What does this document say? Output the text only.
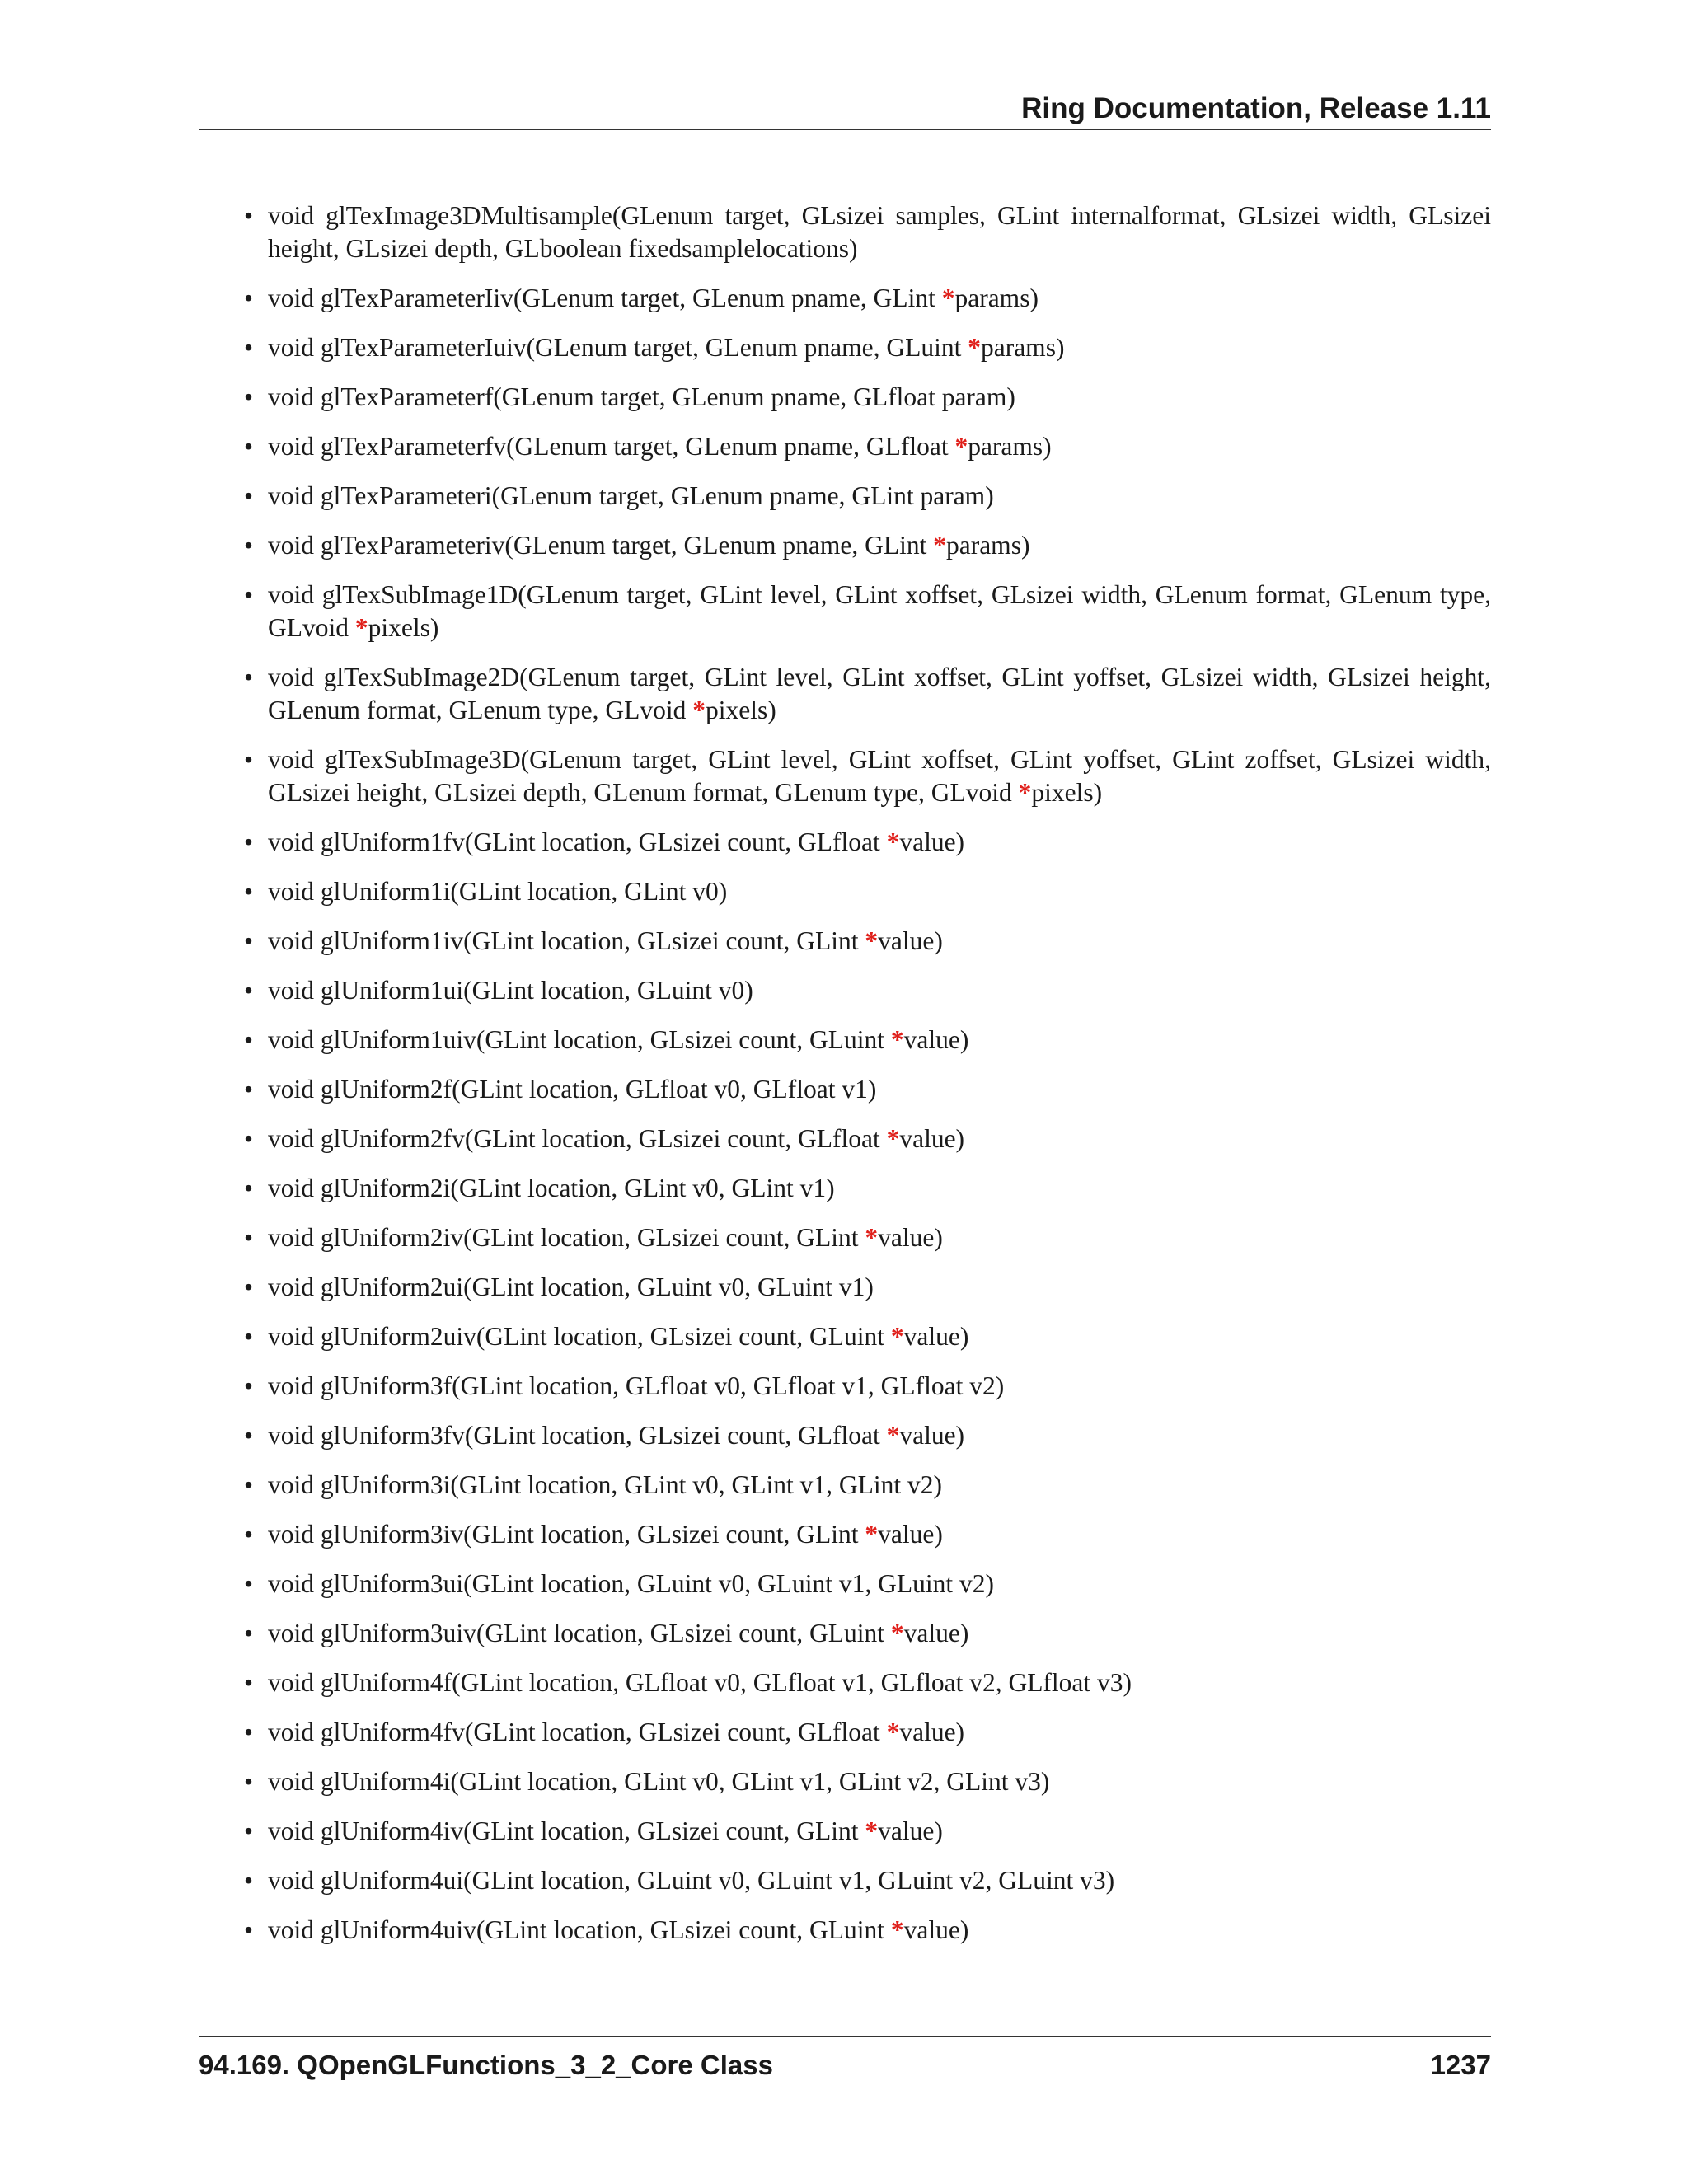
Ring Documentation, Release 1.11
• void glTexImage3DMultisample(GLenum target, GLsizei samples, GLint internalformat, GLsizei width, GLsizei height, GLsizei depth, GLboolean fixedsamplelocations)
• void glTexParameterIiv(GLenum target, GLenum pname, GLint *params)
• void glTexParameterIuiv(GLenum target, GLenum pname, GLuint *params)
• void glTexParameterf(GLenum target, GLenum pname, GLfloat param)
• void glTexParameterfv(GLenum target, GLenum pname, GLfloat *params)
• void glTexParameteri(GLenum target, GLenum pname, GLint param)
• void glTexParameteriv(GLenum target, GLenum pname, GLint *params)
• void glTexSubImage1D(GLenum target, GLint level, GLint xoffset, GLsizei width, GLenum format, GLenum type, GLvoid *pixels)
• void glTexSubImage2D(GLenum target, GLint level, GLint xoffset, GLint yoffset, GLsizei width, GLsizei height, GLenum format, GLenum type, GLvoid *pixels)
• void glTexSubImage3D(GLenum target, GLint level, GLint xoffset, GLint yoffset, GLint zoffset, GLsizei width, GLsizei height, GLsizei depth, GLenum format, GLenum type, GLvoid *pixels)
• void glUniform1fv(GLint location, GLsizei count, GLfloat *value)
• void glUniform1i(GLint location, GLint v0)
• void glUniform1iv(GLint location, GLsizei count, GLint *value)
• void glUniform1ui(GLint location, GLuint v0)
• void glUniform1uiv(GLint location, GLsizei count, GLuint *value)
• void glUniform2f(GLint location, GLfloat v0, GLfloat v1)
• void glUniform2fv(GLint location, GLsizei count, GLfloat *value)
• void glUniform2i(GLint location, GLint v0, GLint v1)
• void glUniform2iv(GLint location, GLsizei count, GLint *value)
• void glUniform2ui(GLint location, GLuint v0, GLuint v1)
• void glUniform2uiv(GLint location, GLsizei count, GLuint *value)
• void glUniform3f(GLint location, GLfloat v0, GLfloat v1, GLfloat v2)
• void glUniform3fv(GLint location, GLsizei count, GLfloat *value)
• void glUniform3i(GLint location, GLint v0, GLint v1, GLint v2)
• void glUniform3iv(GLint location, GLsizei count, GLint *value)
• void glUniform3ui(GLint location, GLuint v0, GLuint v1, GLuint v2)
• void glUniform3uiv(GLint location, GLsizei count, GLuint *value)
• void glUniform4f(GLint location, GLfloat v0, GLfloat v1, GLfloat v2, GLfloat v3)
• void glUniform4fv(GLint location, GLsizei count, GLfloat *value)
• void glUniform4i(GLint location, GLint v0, GLint v1, GLint v2, GLint v3)
• void glUniform4iv(GLint location, GLsizei count, GLint *value)
• void glUniform4ui(GLint location, GLuint v0, GLuint v1, GLuint v2, GLuint v3)
• void glUniform4uiv(GLint location, GLsizei count, GLuint *value)
94.169. QOpenGLFunctions_3_2_Core Class	1237
